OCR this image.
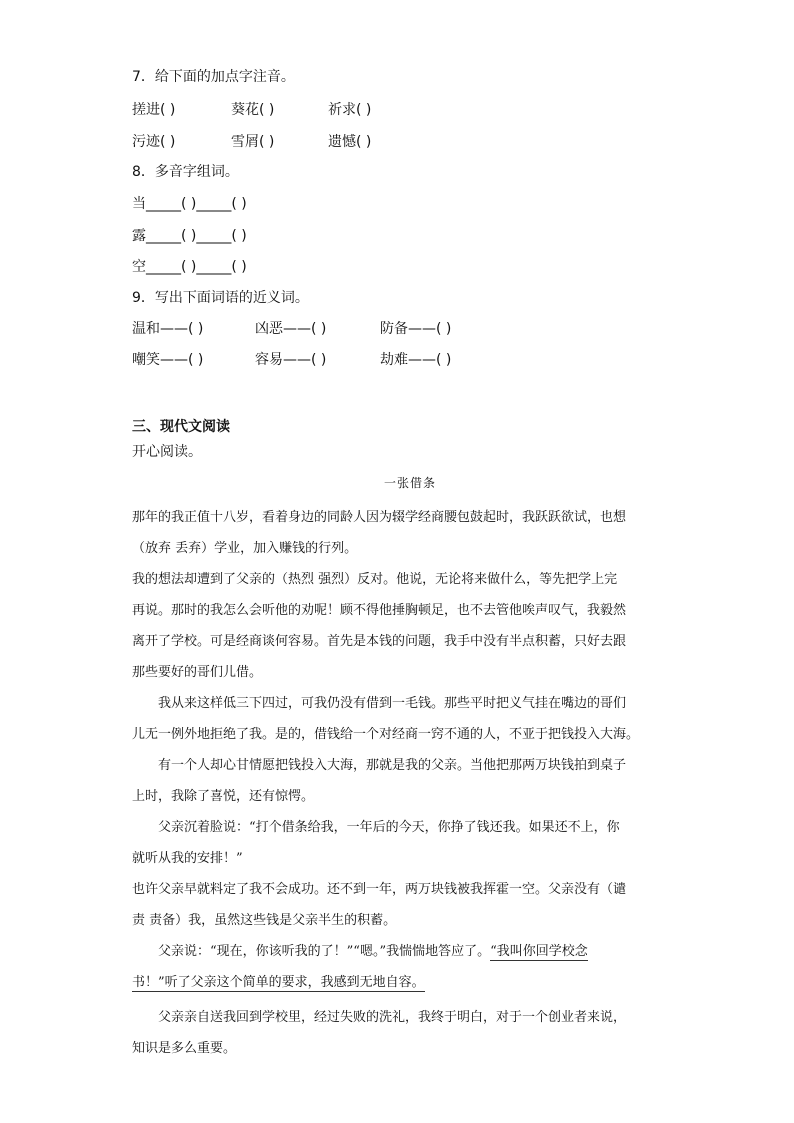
7．给下面的加点字注音。
搓进( )	葵花( )	祈求( )
污迹( )	雪屑( )	遗憾( )
8．多音字组词。
当_____( )_____( )
露_____( )_____( )
空_____( )_____( )
9．写出下面词语的近义词。
温和——( )	凶恶——( )	防备——( )
嘲笑——( )	容易——( )	劫难——( )
三、现代文阅读
开心阅读。
一张借条
那年的我正值十八岁，看着身边的同龄人因为辍学经商腰包鼓起时，我跃跃欲试，也想
（放弃 丢弃）学业，加入赚钱的行列。
我的想法却遭到了父亲的（热烈 强烈）反对。他说，无论将来做什么，等先把学上完
再说。那时的我怎么会听他的劝呢！顾不得他捶胸顿足，也不去管他唉声叹气，我毅然
离开了学校。可是经商谈何容易。首先是本钱的问题，我手中没有半点积蓄，只好去跟
那些要好的哥们儿借。
我从来这样低三下四过，可我仍没有借到一毛钱。那些平时把义气挂在嘴边的哥们
儿无一例外地拒绝了我。是的，借钱给一个对经商一窍不通的人，不亚于把钱投入大海。
有一个人却心甘情愿把钱投入大海，那就是我的父亲。当他把那两万块钱拍到桌子
上时，我除了喜悦，还有惊愕。
父亲沉着脸说：“打个借条给我，一年后的今天，你挣了钱还我。如果还不上，你
就听从我的安排！”
也许父亲早就料定了我不会成功。还不到一年，两万块钱被我挥霍一空。父亲没有（谴
责 责备）我，虽然这些钱是父亲半生的积蓄。
父亲说：“现在，你该听我的了！”“嗯。”我惴惴地答应了。“我叫你回学校念
书！”听了父亲这个简单的要求，我感到无地自容。
父亲亲自送我回到学校里，经过失败的洗礼，我终于明白，对于一个创业者来说，
知识是多么重要。
